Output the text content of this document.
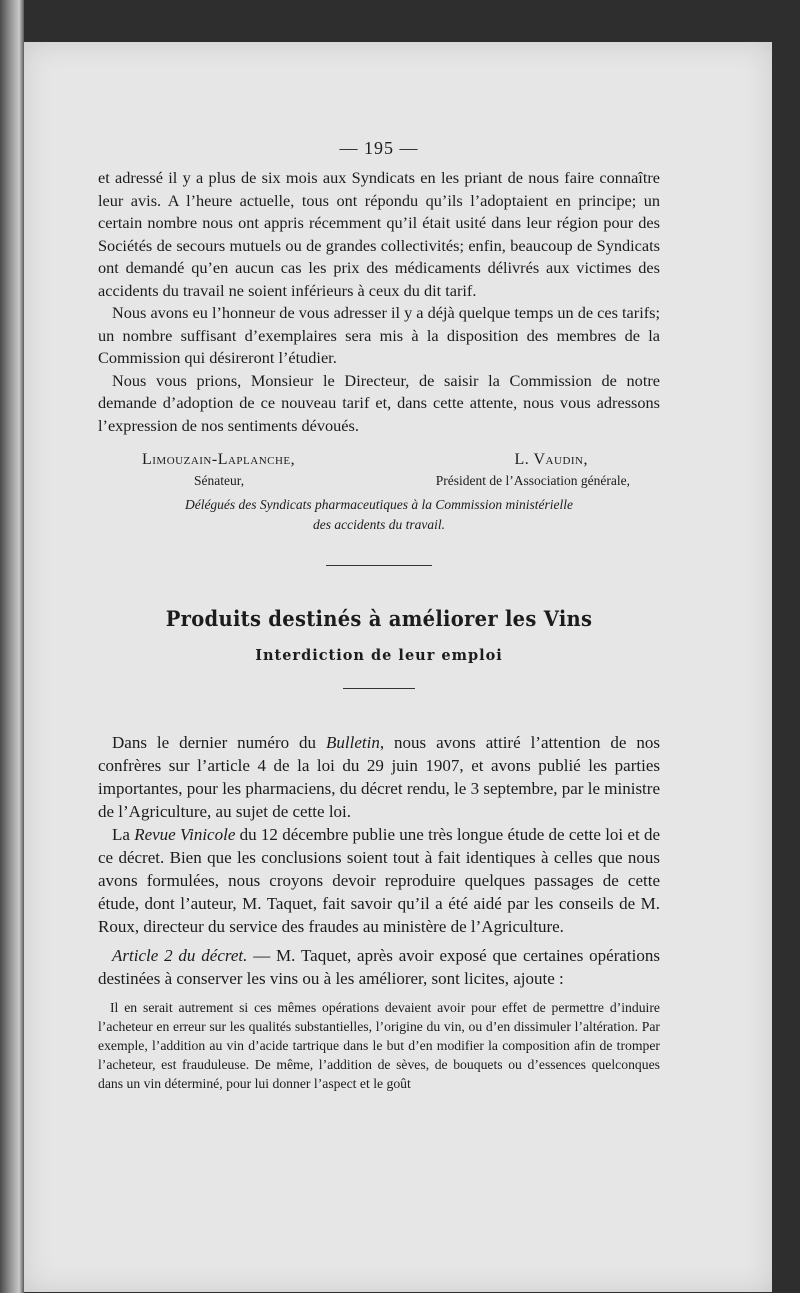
— 195 —

et adressé il y a plus de six mois aux Syndicats en les priant de nous faire connaître leur avis. A l’heure actuelle, tous ont répondu qu’ils l’adoptaient en principe; un certain nombre nous ont appris récemment qu’il était usité dans leur région pour des Sociétés de secours mutuels ou de grandes collectivités; enfin, beaucoup de Syndicats ont demandé qu’en aucun cas les prix des médicaments délivrés aux victimes des accidents du travail ne soient inférieurs à ceux du dit tarif.

Nous avons eu l’honneur de vous adresser il y a déjà quelque temps un de ces tarifs; un nombre suffisant d’exemplaires sera mis à la disposition des membres de la Commission qui désireront l’étudier.

Nous vous prions, Monsieur le Directeur, de saisir la Commission de notre demande d’adoption de ce nouveau tarif et, dans cette attente, nous vous adressons l’expression de nos sentiments dévoués.

Limouzain-Laplanche,	L. Vaudin,
Sénateur,	Président de l’Association générale,
Délégués des Syndicats pharmaceutiques à la Commission ministérielle
des accidents du travail.
Produits destinés à améliorer les Vins
Interdiction de leur emploi

Dans le dernier numéro du Bulletin, nous avons attiré l’attention de nos confrères sur l’article 4 de la loi du 29 juin 1907, et avons publié les parties importantes, pour les pharmaciens, du décret rendu, le 3 septembre, par le ministre de l’Agriculture, au sujet de cette loi.

La Revue Vinicole du 12 décembre publie une très longue étude de cette loi et de ce décret. Bien que les conclusions soient tout à fait identiques à celles que nous avons formulées, nous croyons devoir reproduire quelques passages de cette étude, dont l’auteur, M. Taquet, fait savoir qu’il a été aidé par les conseils de M. Roux, directeur du service des fraudes au ministère de l’Agriculture.

Article 2 du décret. — M. Taquet, après avoir exposé que certaines opérations destinées à conserver les vins ou à les améliorer, sont licites, ajoute :

Il en serait autrement si ces mêmes opérations devaient avoir pour effet de permettre d’induire l’acheteur en erreur sur les qualités substantielles, l’origine du vin, ou d’en dissimuler l’altération. Par exemple, l’addition au vin d’acide tartrique dans le but d’en modifier la composition afin de tromper l’acheteur, est frauduleuse. De même, l’addition de sèves, de bouquets ou d’essences quelconques dans un vin déterminé, pour lui donner l’aspect et le goût
